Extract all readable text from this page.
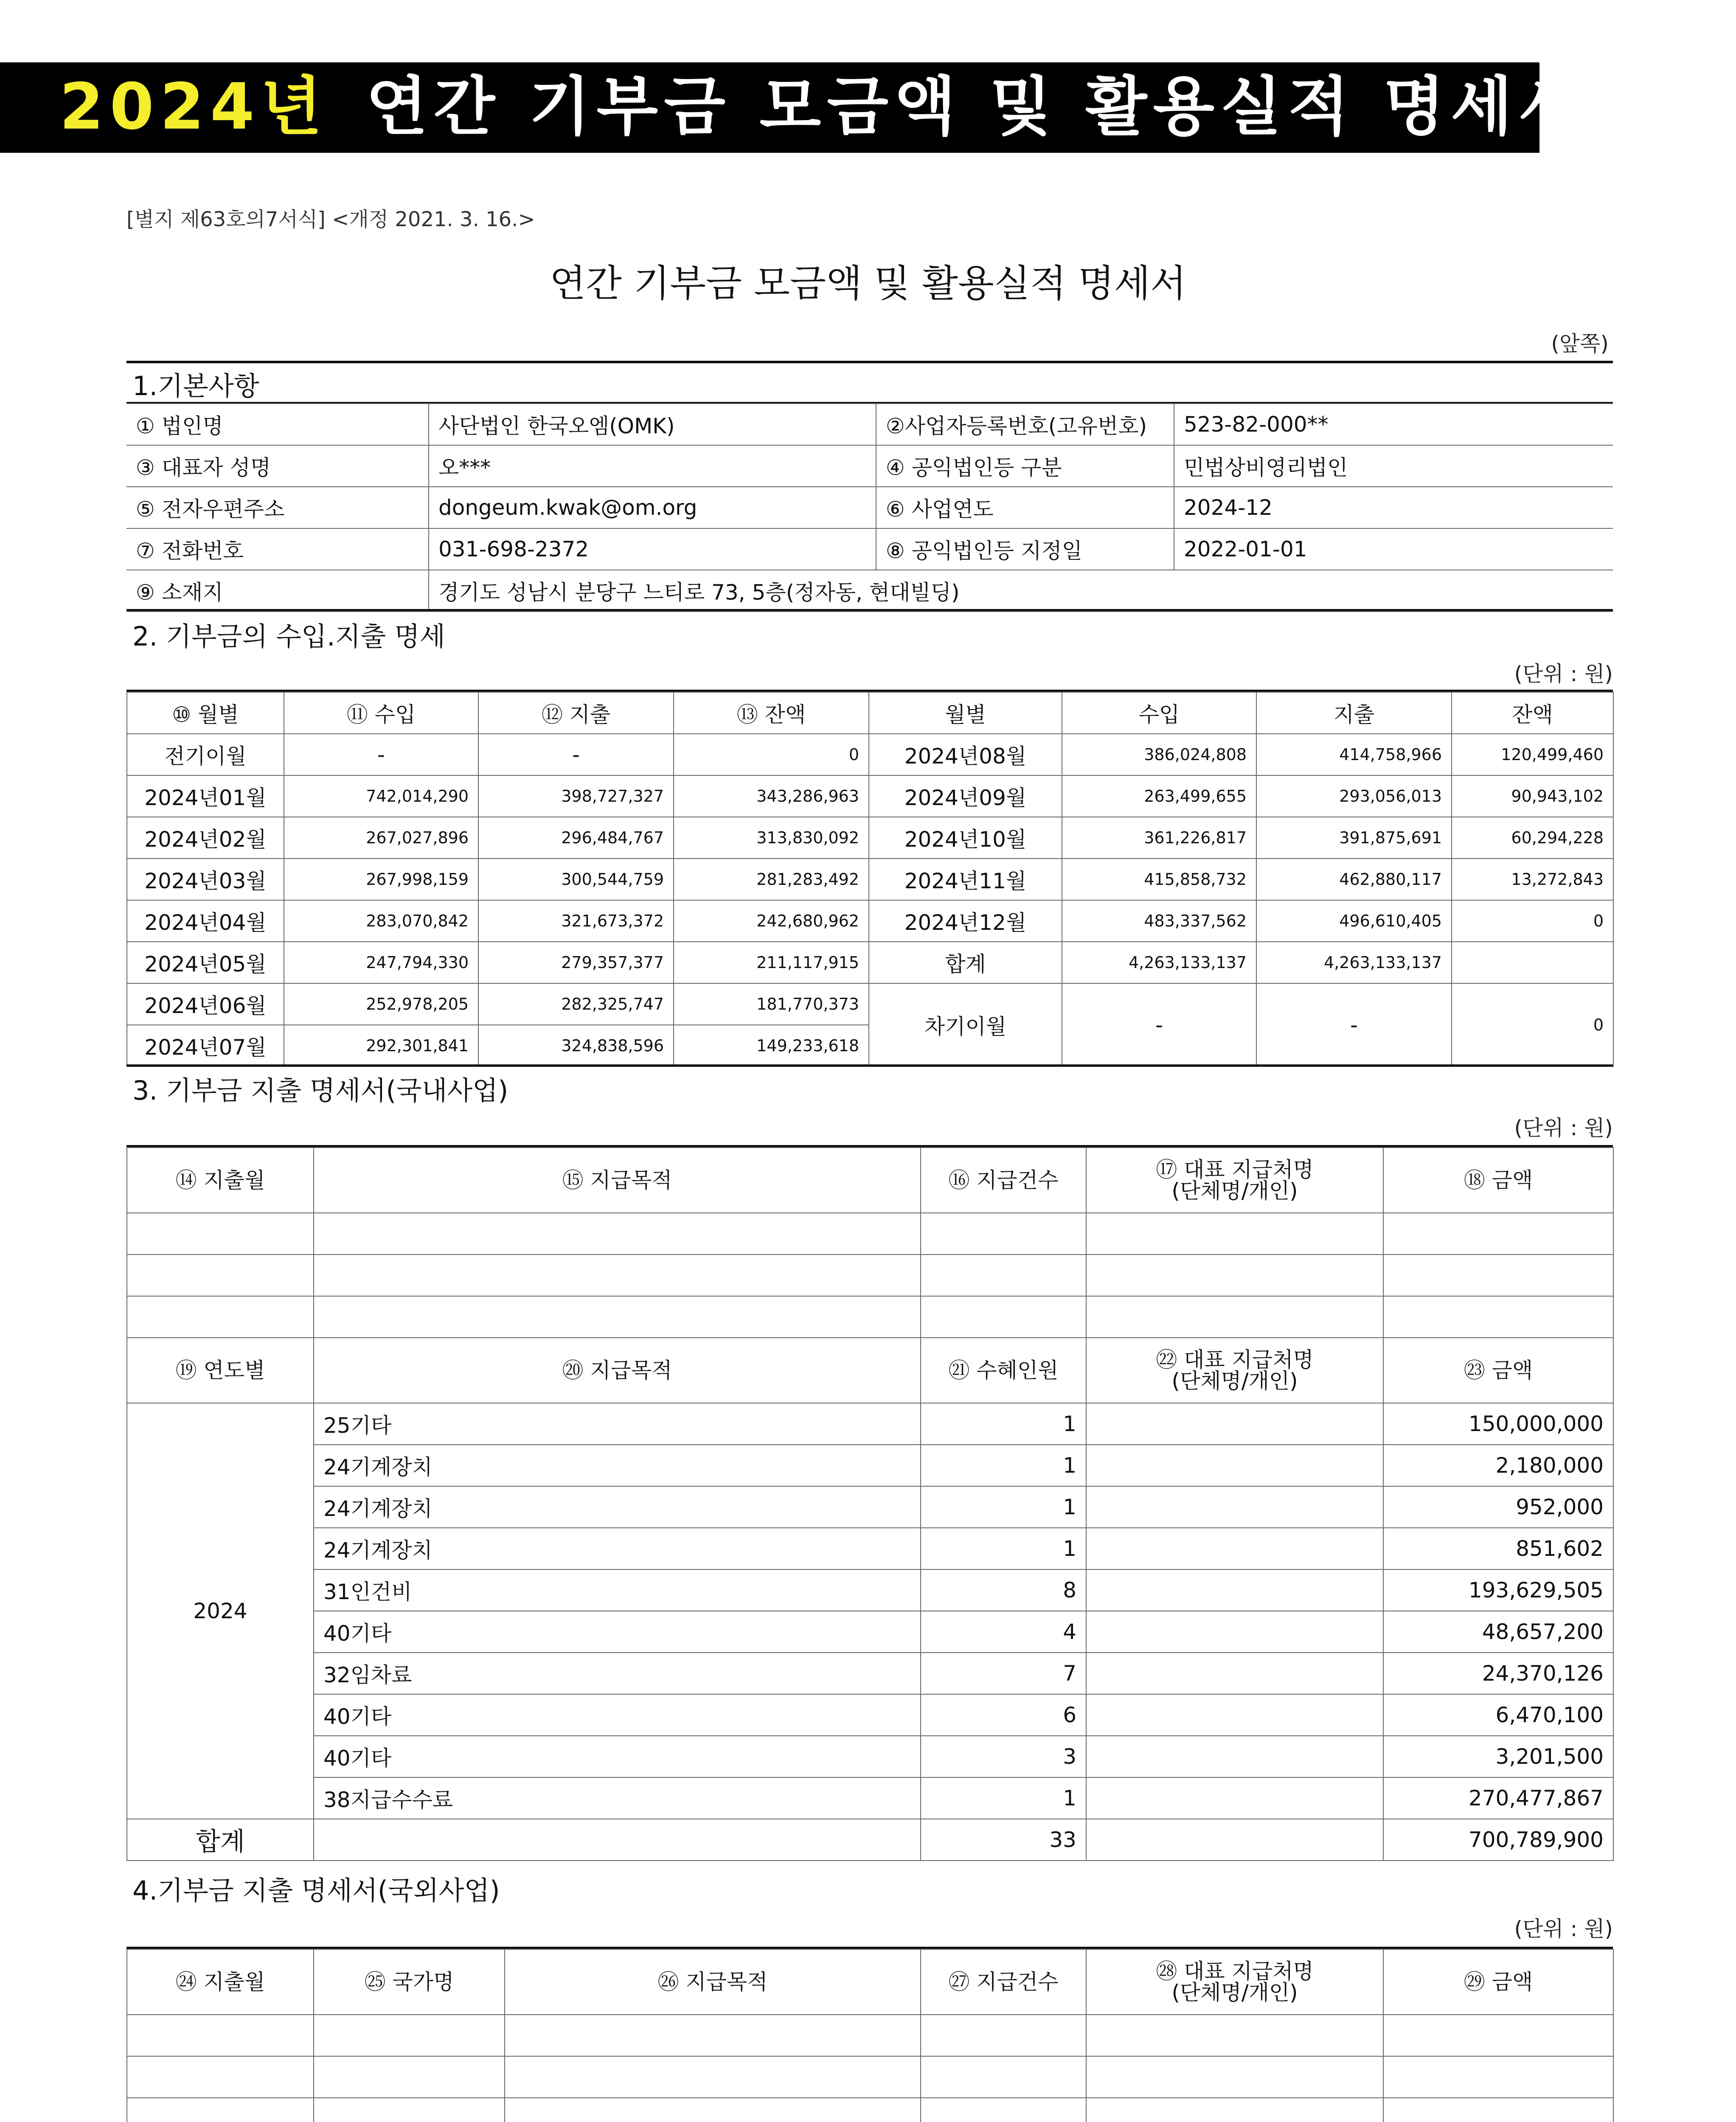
2024년 연간 기부금 모금액 및 활용실적 명세서
[별지 제63호의7서식] <개정 2021. 3. 16.>
연간 기부금 모금액 및 활용실적 명세서
(앞쪽)
1.기본사항
① 법인명	사단법인 한국오엠(OMK)	②사업자등록번호(고유번호)	523-82-000**
③ 대표자 성명	오***	④ 공익법인등 구분	민법상비영리법인
⑤ 전자우편주소	dongeum.kwak@om.org	⑥ 사업연도	2024-12
⑦ 전화번호	031-698-2372	⑧ 공익법인등 지정일	2022-01-01
⑨ 소재지	경기도 성남시 분당구 느티로 73, 5층(정자동, 현대빌딩)		
2. 기부금의 수입.지출 명세
(단위 : 원)
⑩ 월별	⑪ 수입	⑫ 지출	⑬ 잔액	월별	수입	지출	잔액
전기이월	-	-	0	2024년08월	386,024,808	414,758,966	120,499,460
2024년01월	742,014,290	398,727,327	343,286,963	2024년09월	263,499,655	293,056,013	90,943,102
2024년02월	267,027,896	296,484,767	313,830,092	2024년10월	361,226,817	391,875,691	60,294,228
2024년03월	267,998,159	300,544,759	281,283,492	2024년11월	415,858,732	462,880,117	13,272,843
2024년04월	283,070,842	321,673,372	242,680,962	2024년12월	483,337,562	496,610,405	0
2024년05월	247,794,330	279,357,377	211,117,915	합계	4,263,133,137	4,263,133,137	
2024년06월	252,978,205	282,325,747	181,770,373	차기이월	-	-	0
2024년07월	292,301,841	324,838,596	149,233,618				
3. 기부금 지출 명세서(국내사업)
(단위 : 원)
⑭ 지출월	⑮ 지급목적	⑯ 지급건수	⑰ 대표 지급처명
(단체명/개인)	⑱ 금액

⑲ 연도별	⑳ 지급목적	㉑ 수혜인원	㉒ 대표 지급처명
(단체명/개인)	㉓ 금액
2024	25기타	1		150,000,000
	24기계장치	1		2,180,000
	24기계장치	1		952,000
	24기계장치	1		851,602
	31인건비	8		193,629,505
	40기타	4		48,657,200
	32임차료	7		24,370,126
	40기타	6		6,470,100
	40기타	3		3,201,500
	38지급수수료	1		270,477,867
합계		33		700,789,900
4.기부금 지출 명세서(국외사업)
(단위 : 원)
㉔ 지출월	㉕ 국가명	㉖ 지급목적	㉗ 지급건수	㉘ 대표 지급처명
(단체명/개인)	㉙ 금액
